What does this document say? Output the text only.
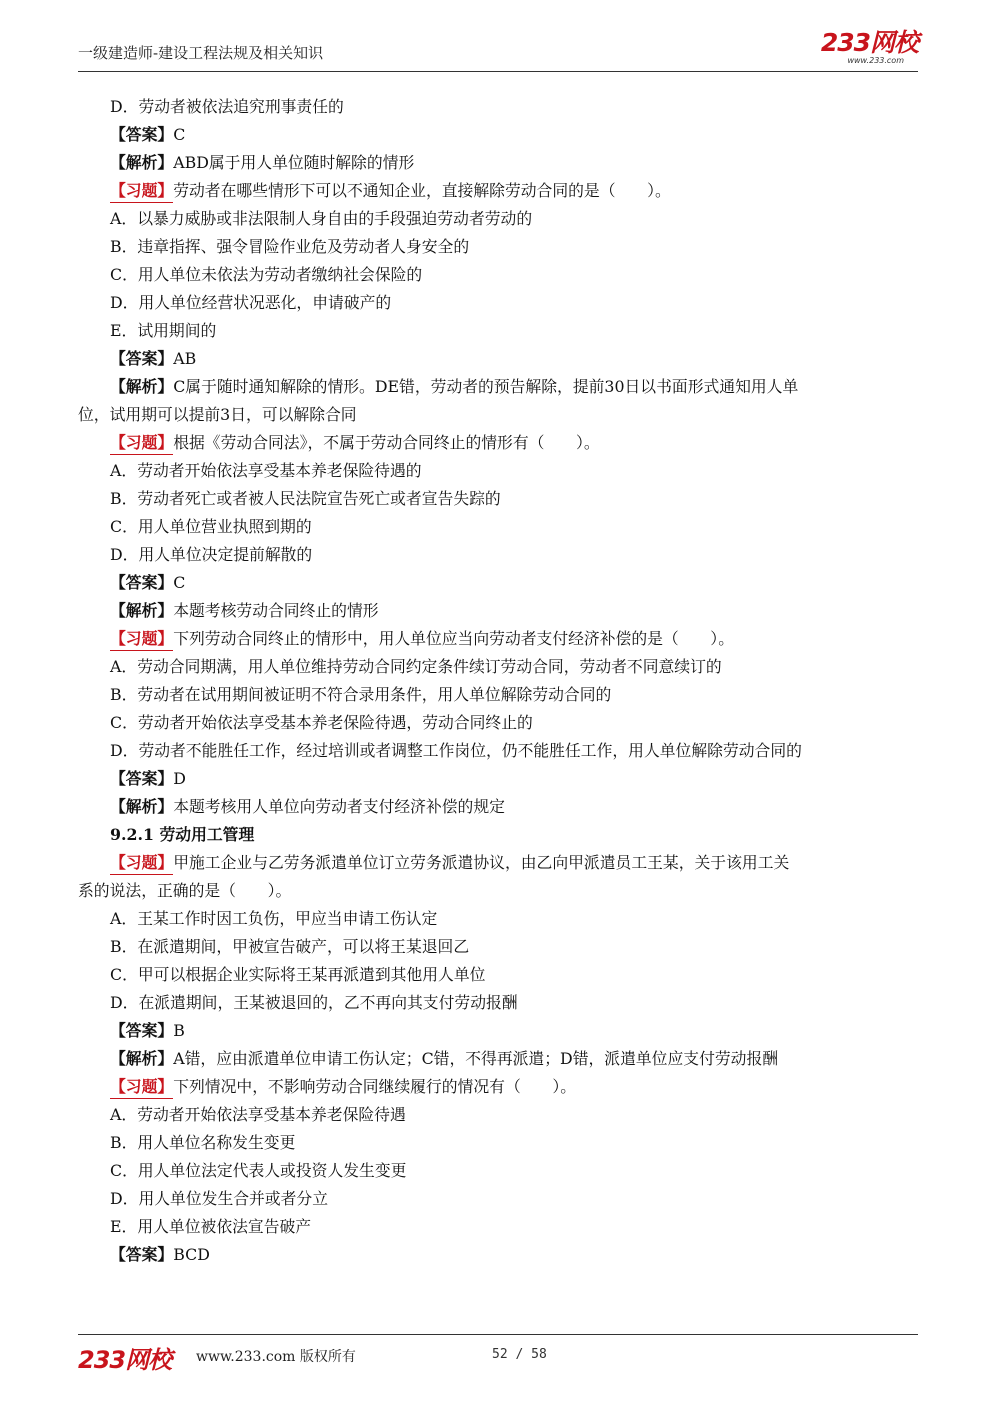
一级建造师-建设工程法规及相关知识	233网校
www.233.com
D．劳动者被依法追究刑事责任的
【答案】C
【解析】ABD属于用人单位随时解除的情形
【习题】劳动者在哪些情形下可以不通知企业，直接解除劳动合同的是（　　）。
A．以暴力威胁或非法限制人身自由的手段强迫劳动者劳动的
B．违章指挥、强令冒险作业危及劳动者人身安全的
C．用人单位未依法为劳动者缴纳社会保险的
D．用人单位经营状况恶化，申请破产的
E．试用期间的
【答案】AB
【解析】C属于随时通知解除的情形。DE错，劳动者的预告解除，提前30日以书面形式通知用人单
位，试用期可以提前3日，可以解除合同
【习题】根据《劳动合同法》，不属于劳动合同终止的情形有（　　）。
A．劳动者开始依法享受基本养老保险待遇的
B．劳动者死亡或者被人民法院宣告死亡或者宣告失踪的
C．用人单位营业执照到期的
D．用人单位决定提前解散的
【答案】C
【解析】本题考核劳动合同终止的情形
【习题】下列劳动合同终止的情形中，用人单位应当向劳动者支付经济补偿的是（　　）。
A．劳动合同期满，用人单位维持劳动合同约定条件续订劳动合同，劳动者不同意续订的
B．劳动者在试用期间被证明不符合录用条件，用人单位解除劳动合同的
C．劳动者开始依法享受基本养老保险待遇，劳动合同终止的
D．劳动者不能胜任工作，经过培训或者调整工作岗位，仍不能胜任工作，用人单位解除劳动合同的
【答案】D
【解析】本题考核用人单位向劳动者支付经济补偿的规定
9.2.1 劳动用工管理
【习题】甲施工企业与乙劳务派遣单位订立劳务派遣协议，由乙向甲派遣员工王某，关于该用工关
系的说法，正确的是（　　）。
A．王某工作时因工负伤，甲应当申请工伤认定
B．在派遣期间，甲被宣告破产，可以将王某退回乙
C．甲可以根据企业实际将王某再派遣到其他用人单位
D．在派遣期间，王某被退回的，乙不再向其支付劳动报酬
【答案】B
【解析】A错，应由派遣单位申请工伤认定；C错，不得再派遣；D错，派遣单位应支付劳动报酬
【习题】下列情况中，不影响劳动合同继续履行的情况有（　　）。
A．劳动者开始依法享受基本养老保险待遇
B．用人单位名称发生变更
C．用人单位法定代表人或投资人发生变更
D．用人单位发生合并或者分立
E．用人单位被依法宣告破产
【答案】BCD
233网校 www.233.com 版权所有	52 / 58
